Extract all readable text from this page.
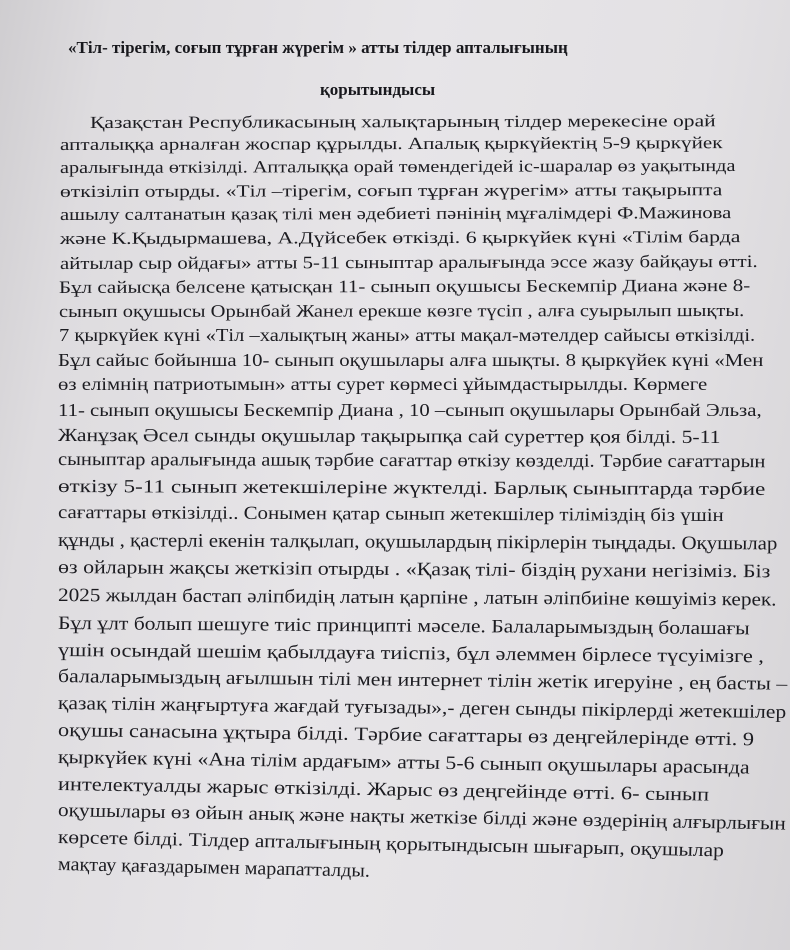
«Тіл- тірегім, соғып тұрған жүрегім » атты тілдер апталығының

қорытындысы

Қазақстан Республикасының халықтарының тілдер мерекесіне орай
апталыққа арналған жоспар құрылды. Апалық қыркүйектің 5-9 қыркүйек
аралығында өткізілді. Апталыққа орай төмендегідей іс-шаралар өз уақытында
өткізіліп отырды. «Тіл –тірегім, соғып тұрған жүрегім» атты тақырыпта
ашылу салтанатын қазақ тілі мен әдебиеті пәнінің мұғалімдері Ф.Мажинова
және К.Қыдырмашева, А.Дүйсебек өткізді. 6 қыркүйек күні «Тілім барда
айтылар сыр ойдағы» атты 5-11 сыныптар аралығында эссе жазу байқауы өтті.
Бұл сайысқа белсене қатысқан 11- сынып оқушысы Бескемпір Диана және 8-
сынып оқушысы Орынбай Жанел ерекше көзге түсіп , алға суырылып шықты.
7 қыркүйек күні «Тіл –халықтың жаны» атты мақал-мәтелдер сайысы өткізілді.
Бұл сайыс бойынша 10- сынып оқушылары алға шықты. 8 қыркүйек күні «Мен
өз елімнің патриотымын» атты сурет көрмесі ұйымдастырылды. Көрмеге
11- сынып оқушысы Бескемпір Диана , 10 –сынып оқушылары Орынбай Эльза,
Жанұзақ Әсел сынды оқушылар тақырыпқа сай суреттер қоя білді. 5-11
сыныптар аралығында ашық тәрбие сағаттар өткізу көзделді. Тәрбие сағаттарын
өткізу 5-11 сынып жетекшілеріне жүктелді. Барлық сыныптарда тәрбие
сағаттары өткізілді.. Сонымен қатар сынып жетекшілер тіліміздің біз үшін
құнды , қастерлі екенін талқылап, оқушылардың пікірлерін тыңдады. Оқушылар
өз ойларын жақсы жеткізіп отырды . «Қазақ тілі- біздің рухани негізіміз. Біз
2025 жылдан бастап әліпбидің латын қарпіне , латын әліпбиіне көшуіміз керек.
Бұл ұлт болып шешуге тиіс принципті мәселе. Балаларымыздың болашағы
үшін осындай шешім қабылдауға тиіспіз, бұл әлеммен бірлесе түсуімізге ,
балаларымыздың ағылшын тілі мен интернет тілін жетік игеруіне , ең басты –
қазақ тілін жаңғыртуға жағдай туғызады»,- деген сынды пікірлерді жетекшілер
оқушы санасына ұқтыра білді. Тәрбие сағаттары өз деңгейлерінде өтті. 9
қыркүйек күні «Ана тілім ардағым» атты 5-6 сынып оқушылары арасында
интелектуалды жарыс өткізілді. Жарыс өз деңгейінде өтті. 6- сынып
оқушылары өз ойын анық және нақты жеткізе білді және өздерінің алғырлығын
көрсете білді. Тілдер апталығының қорытындысын шығарып, оқушылар
мақтау қағаздарымен марапатталды.
